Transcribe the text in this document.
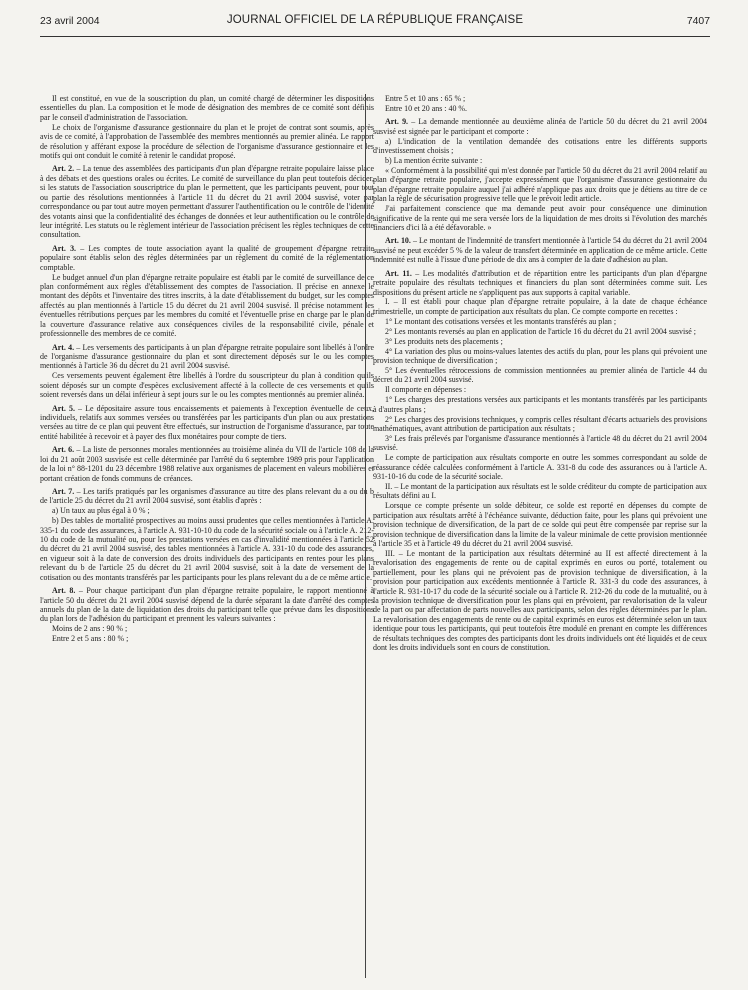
23 avril 2004	JOURNAL OFFICIEL DE LA RÉPUBLIQUE FRANÇAISE	7407

Il est constitué, en vue de la souscription du plan, un comité chargé de déterminer les dispositions essentielles du plan. La composition et le mode de désignation des membres de ce comité sont définis par le conseil d'administration de l'association.

Le choix de l'organisme d'assurance gestionnaire du plan et le projet de contrat sont soumis, après avis de ce comité, à l'approbation de l'assemblée des membres mentionnés au premier alinéa. Le rapport de résolution y afférant expose la procédure de sélection de l'organisme d'assurance gestionnaire et les motifs qui ont conduit le comité à retenir le candidat proposé.

Art. 2. – La tenue des assemblées des participants d'un plan d'épargne retraite populaire laisse place à des débats et des questions orales ou écrites. Le comité de surveillance du plan peut toutefois décider, si les statuts de l'association souscriptrice du plan le permettent, que les participants peuvent, pour tout ou partie des résolutions mentionnées à l'article 11 du décret du 21 avril 2004 susvisé, voter par correspondance ou par tout autre moyen permettant d'assurer l'authentification ou le contrôle de l'identité des votants ainsi que la confidentialité des échanges de données et leur authentification ou le contrôle de leur intégrité. Les statuts ou le règlement intérieur de l'association précisent les règles techniques de cette consultation.

Art. 3. – Les comptes de toute association ayant la qualité de groupement d'épargne retraite populaire sont établis selon des règles déterminées par un règlement du comité de la réglementation comptable.

Le budget annuel d'un plan d'épargne retraite populaire est établi par le comité de surveillance de ce plan conformément aux règles d'établissement des comptes de l'association. Il précise en annexe le montant des dépôts et l'inventaire des titres inscrits, à la date d'établissement du budget, sur les comptes affectés au plan mentionnés à l'article 15 du décret du 21 avril 2004 susvisé. Il précise notamment les éventuelles rétributions perçues par les membres du comité et l'éventuelle prise en charge par le plan de la couverture d'assurance relative aux conséquences civiles de la responsabilité civile, pénale et professionnelle des membres de ce comité.

Art. 4. – Les versements des participants à un plan d'épargne retraite populaire sont libellés à l'ordre de l'organisme d'assurance gestionnaire du plan et sont directement déposés sur le ou les comptes mentionnés à l'article 36 du décret du 21 avril 2004 susvisé.

Ces versements peuvent également être libellés à l'ordre du souscripteur du plan à condition qu'ils soient déposés sur un compte d'espèces exclusivement affecté à la collecte de ces versements et qu'ils soient reversés dans un délai inférieur à sept jours sur le ou les comptes mentionnés au premier alinéa.

Art. 5. – Le dépositaire assure tous encaissements et paiements à l'exception éventuelle de ceux, individuels, relatifs aux sommes versées ou transférées par les participants d'un plan ou aux prestations versées au titre de ce plan qui peuvent être effectués, sur instruction de l'organisme d'assurance, par toute entité habilitée à recevoir et à payer des flux monétaires pour compte de tiers.

Art. 6. – La liste de personnes morales mentionnées au troisième alinéa du VII de l'article 108 de la loi du 21 août 2003 susvisée est celle déterminée par l'arrêté du 6 septembre 1989 pris pour l'application de la loi n° 88-1201 du 23 décembre 1988 relative aux organismes de placement en valeurs mobilières et portant création de fonds communs de créances.

Art. 7. – Les tarifs pratiqués par les organismes d'assurance au titre des plans relevant du a ou du b de l'article 25 du décret du 21 avril 2004 susvisé, sont établis d'après :

a) Un taux au plus égal à 0 % ;

b) Des tables de mortalité prospectives au moins aussi prudentes que celles mentionnées à l'article A. 335-1 du code des assurances, à l'article A. 931-10-10 du code de la sécurité sociale ou à l'article A. 212-10 du code de la mutualité ou, pour les prestations versées en cas d'invalidité mentionnées à l'article 52 du décret du 21 avril 2004 susvisé, des tables mentionnées à l'article A. 331-10 du code des assurances, en vigueur soit à la date de conversion des droits individuels des participants en rentes pour les plans relevant du b de l'article 25 du décret du 21 avril 2004 susvisé, soit à la date de versement de la cotisation ou des montants transférés par les participants pour les plans relevant du a de ce même article.

Art. 8. – Pour chaque participant d'un plan d'épargne retraite populaire, le rapport mentionné à l'article 50 du décret du 21 avril 2004 susvisé dépend de la durée séparant la date d'arrêté des comptes annuels du plan de la date de liquidation des droits du participant telle que prévue dans les dispositions du plan lors de l'adhésion du participant et prennent les valeurs suivantes :

Moins de 2 ans : 90 % ;

Entre 2 et 5 ans : 80 % ;

Entre 5 et 10 ans : 65 % ;

Entre 10 et 20 ans : 40 %.

Art. 9. – La demande mentionnée au deuxième alinéa de l'article 50 du décret du 21 avril 2004 susvisé est signée par le participant et comporte :

a) L'indication de la ventilation demandée des cotisations entre les différents supports d'investissement choisis ;

b) La mention écrite suivante :

« Conformément à la possibilité qui m'est donnée par l'article 50 du décret du 21 avril 2004 relatif au plan d'épargne retraite populaire, j'accepte expressément que l'organisme d'assurance gestionnaire du plan d'épargne retraite populaire auquel j'ai adhéré n'applique pas aux droits que je détiens au titre de ce plan la règle de sécurisation progressive telle que le prévoit ledit article.

J'ai parfaitement conscience que ma demande peut avoir pour conséquence une diminution significative de la rente qui me sera versée lors de la liquidation de mes droits si l'évolution des marchés financiers d'ici là a été défavorable. »

Art. 10. – Le montant de l'indemnité de transfert mentionnée à l'article 54 du décret du 21 avril 2004 susvisé ne peut excéder 5 % de la valeur de transfert déterminée en application de ce même article. Cette indemnité est nulle à l'issue d'une période de dix ans à compter de la date d'adhésion au plan.

Art. 11. – Les modalités d'attribution et de répartition entre les participants d'un plan d'épargne retraite populaire des résultats techniques et financiers du plan sont déterminées comme suit. Les dispositions du présent article ne s'appliquent pas aux supports à capital variable.

I. – Il est établi pour chaque plan d'épargne retraite populaire, à la date de chaque échéance trimestrielle, un compte de participation aux résultats du plan. Ce compte comporte en recettes :

1° Le montant des cotisations versées et les montants transférés au plan ;

2° Les montants reversés au plan en application de l'article 16 du décret du 21 avril 2004 susvisé ;

3° Les produits nets des placements ;

4° La variation des plus ou moins-values latentes des actifs du plan, pour les plans qui prévoient une provision technique de diversification ;

5° Les éventuelles rétrocessions de commission mentionnées au premier alinéa de l'article 44 du décret du 21 avril 2004 susvisé.

Il comporte en dépenses :

1° Les charges des prestations versées aux participants et les montants transférés par les participants à d'autres plans ;

2° Les charges des provisions techniques, y compris celles résultant d'écarts actuariels des provisions mathématiques, avant attribution de participation aux résultats ;

3° Les frais prélevés par l'organisme d'assurance mentionnés à l'article 48 du décret du 21 avril 2004 susvisé.

Le compte de participation aux résultats comporte en outre les sommes correspondant au solde de réassurance cédée calculées conformément à l'article A. 331-8 du code des assurances ou à l'article A. 931-10-16 du code de la sécurité sociale.

II. – Le montant de la participation aux résultats est le solde créditeur du compte de participation aux résultats défini au I.

Lorsque ce compte présente un solde débiteur, ce solde est reporté en dépenses du compte de participation aux résultats arrêté à l'échéance suivante, déduction faite, pour les plans qui prévoient une provision technique de diversification, de la part de ce solde qui peut être compensée par reprise sur la provision technique de diversification dans la limite de la valeur minimale de cette provision mentionnée à l'article 35 et à l'article 49 du décret du 21 avril 2004 susvisé.

III. – Le montant de la participation aux résultats déterminé au II est affecté directement à la revalorisation des engagements de rente ou de capital exprimés en euros ou porté, totalement ou partiellement, pour les plans qui ne prévoient pas de provision technique de diversification, à la provision pour participation aux excédents mentionnée à l'article R. 331-3 du code des assurances, à l'article R. 931-10-17 du code de la sécurité sociale ou à l'article R. 212-26 du code de la mutualité, ou à la provision technique de diversification pour les plans qui en prévoient, par revalorisation de la valeur de la part ou par affectation de parts nouvelles aux participants, selon des règles déterminées par le plan. La revalorisation des engagements de rente ou de capital exprimés en euros est déterminée selon un taux identique pour tous les participants, qui peut toutefois être modulé en prenant en compte les différences de résultats techniques des comptes des participants dont les droits individuels ont été liquidés et de ceux dont les droits individuels sont en cours de constitution.
